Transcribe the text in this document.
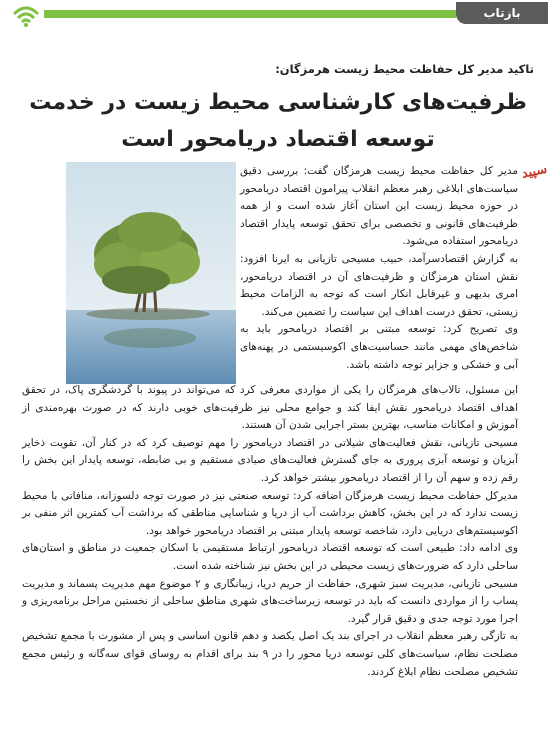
بازتاب
تاکید مدیر کل حفاظت محیط زیست هرمزگان:
ظرفیت‌های کارشناسی محیط زیست در خدمت
توسعه اقتصاد دریامحور است
سپید

مدیر کل حفاظت محیط زیست هرمزگان گفت: بررسی دقیق سیاست‌های ابلاغی رهبر معظم انقلاب پیرامون اقتصاد دریامحور در حوزه محیط زیست این استان آغاز شده است و از همه ظرفیت‌های قانونی و تخصصی برای تحقق توسعه پایدار اقتصاد دریامحور استفاده می‌شود.

به گزارش اقتصادسرآمد، حبیب مسیحی تازیانی به ایرنا افزود: نقش استان هرمزگان و ظرفیت‌های آن در اقتصاد دریامحور، امری بدیهی و غیرقابل انکار است که توجه به الزامات محیط زیستی، تحقق درست اهداف این سیاست را تضمین می‌کند.

وی تصریح کرد: توسعه مبتنی بر اقتصاد دریامحور باید به شاخص‌های مهمی مانند حساسیت‌های اکوسیستمی در پهنه‌های آبی و خشکی و جزایر توجه داشته باشد.

این مسئول، تالاب‌های هرمزگان را یکی از مواردی معرفی کرد که می‌تواند در پیوند با گردشگری پاک، در تحقق اهداف اقتصاد دریامحور نقش ایفا کند و جوامع محلی نیز ظرفیت‌های خوبی دارند که در صورت بهره‌مندی از آموزش و امکانات مناسب، بهترین بستر اجرایی شدن آن هستند.

مسیحی تازیانی، نقش فعالیت‌های شیلاتی در اقتصاد دریامحور را مهم توصیف کرد که در کنار آن، تقویت ذخایر آبزیان و توسعه آبزی پروری به جای گسترش فعالیت‌های صیادی مستقیم و بی ضابطه، توسعه پایدار این بخش را رقم زده و سهم آن را از اقتصاد دریامحور بیشتر خواهد کرد.

مدیرکل حفاظت محیط زیست هرمزگان اضافه کرد: توسعه صنعتی نیز در صورت توجه دلسوزانه، منافاتی با محیط زیست ندارد که در این بخش، کاهش برداشت آب از دریا و شناسایی مناطقی که برداشت آب کمترین اثر منفی بر اکوسیستم‌های دریایی دارد، شاخصه توسعه پایدار مبتنی بر اقتصاد دریامحور خواهد بود.

وی ادامه داد: طبیعی است که توسعه اقتصاد دریامحور ارتباط مستقیمی با اسکان جمعیت در مناطق و استان‌های ساحلی دارد که ضرورت‌های زیست محیطی در این بخش نیز شناخته شده است.

مسیحی تازیانی، مدیریت سبز شهری، حفاظت از حریم دریا، زیبانگاری و ۲ موضوع مهم مدیریت پسماند و مدیریت پساب را از مواردی دانست که باید در توسعه زیرساخت‌های شهری مناطق ساحلی از نخستین مراحل برنامه‌ریزی و اجرا مورد توجه جدی و دقیق قرار گیرد.

به تازگی رهبر معظم انقلاب در اجرای بند یک اصل یکصد و دهم قانون اساسی و پس از مشورت با مجمع تشخیص مصلحت نظام، سیاست‌های کلی توسعه دریا محور را در ۹ بند برای اقدام به روسای قوای سه‌گانه و رئیس مجمع تشخیص مصلحت نظام ابلاغ کردند.
